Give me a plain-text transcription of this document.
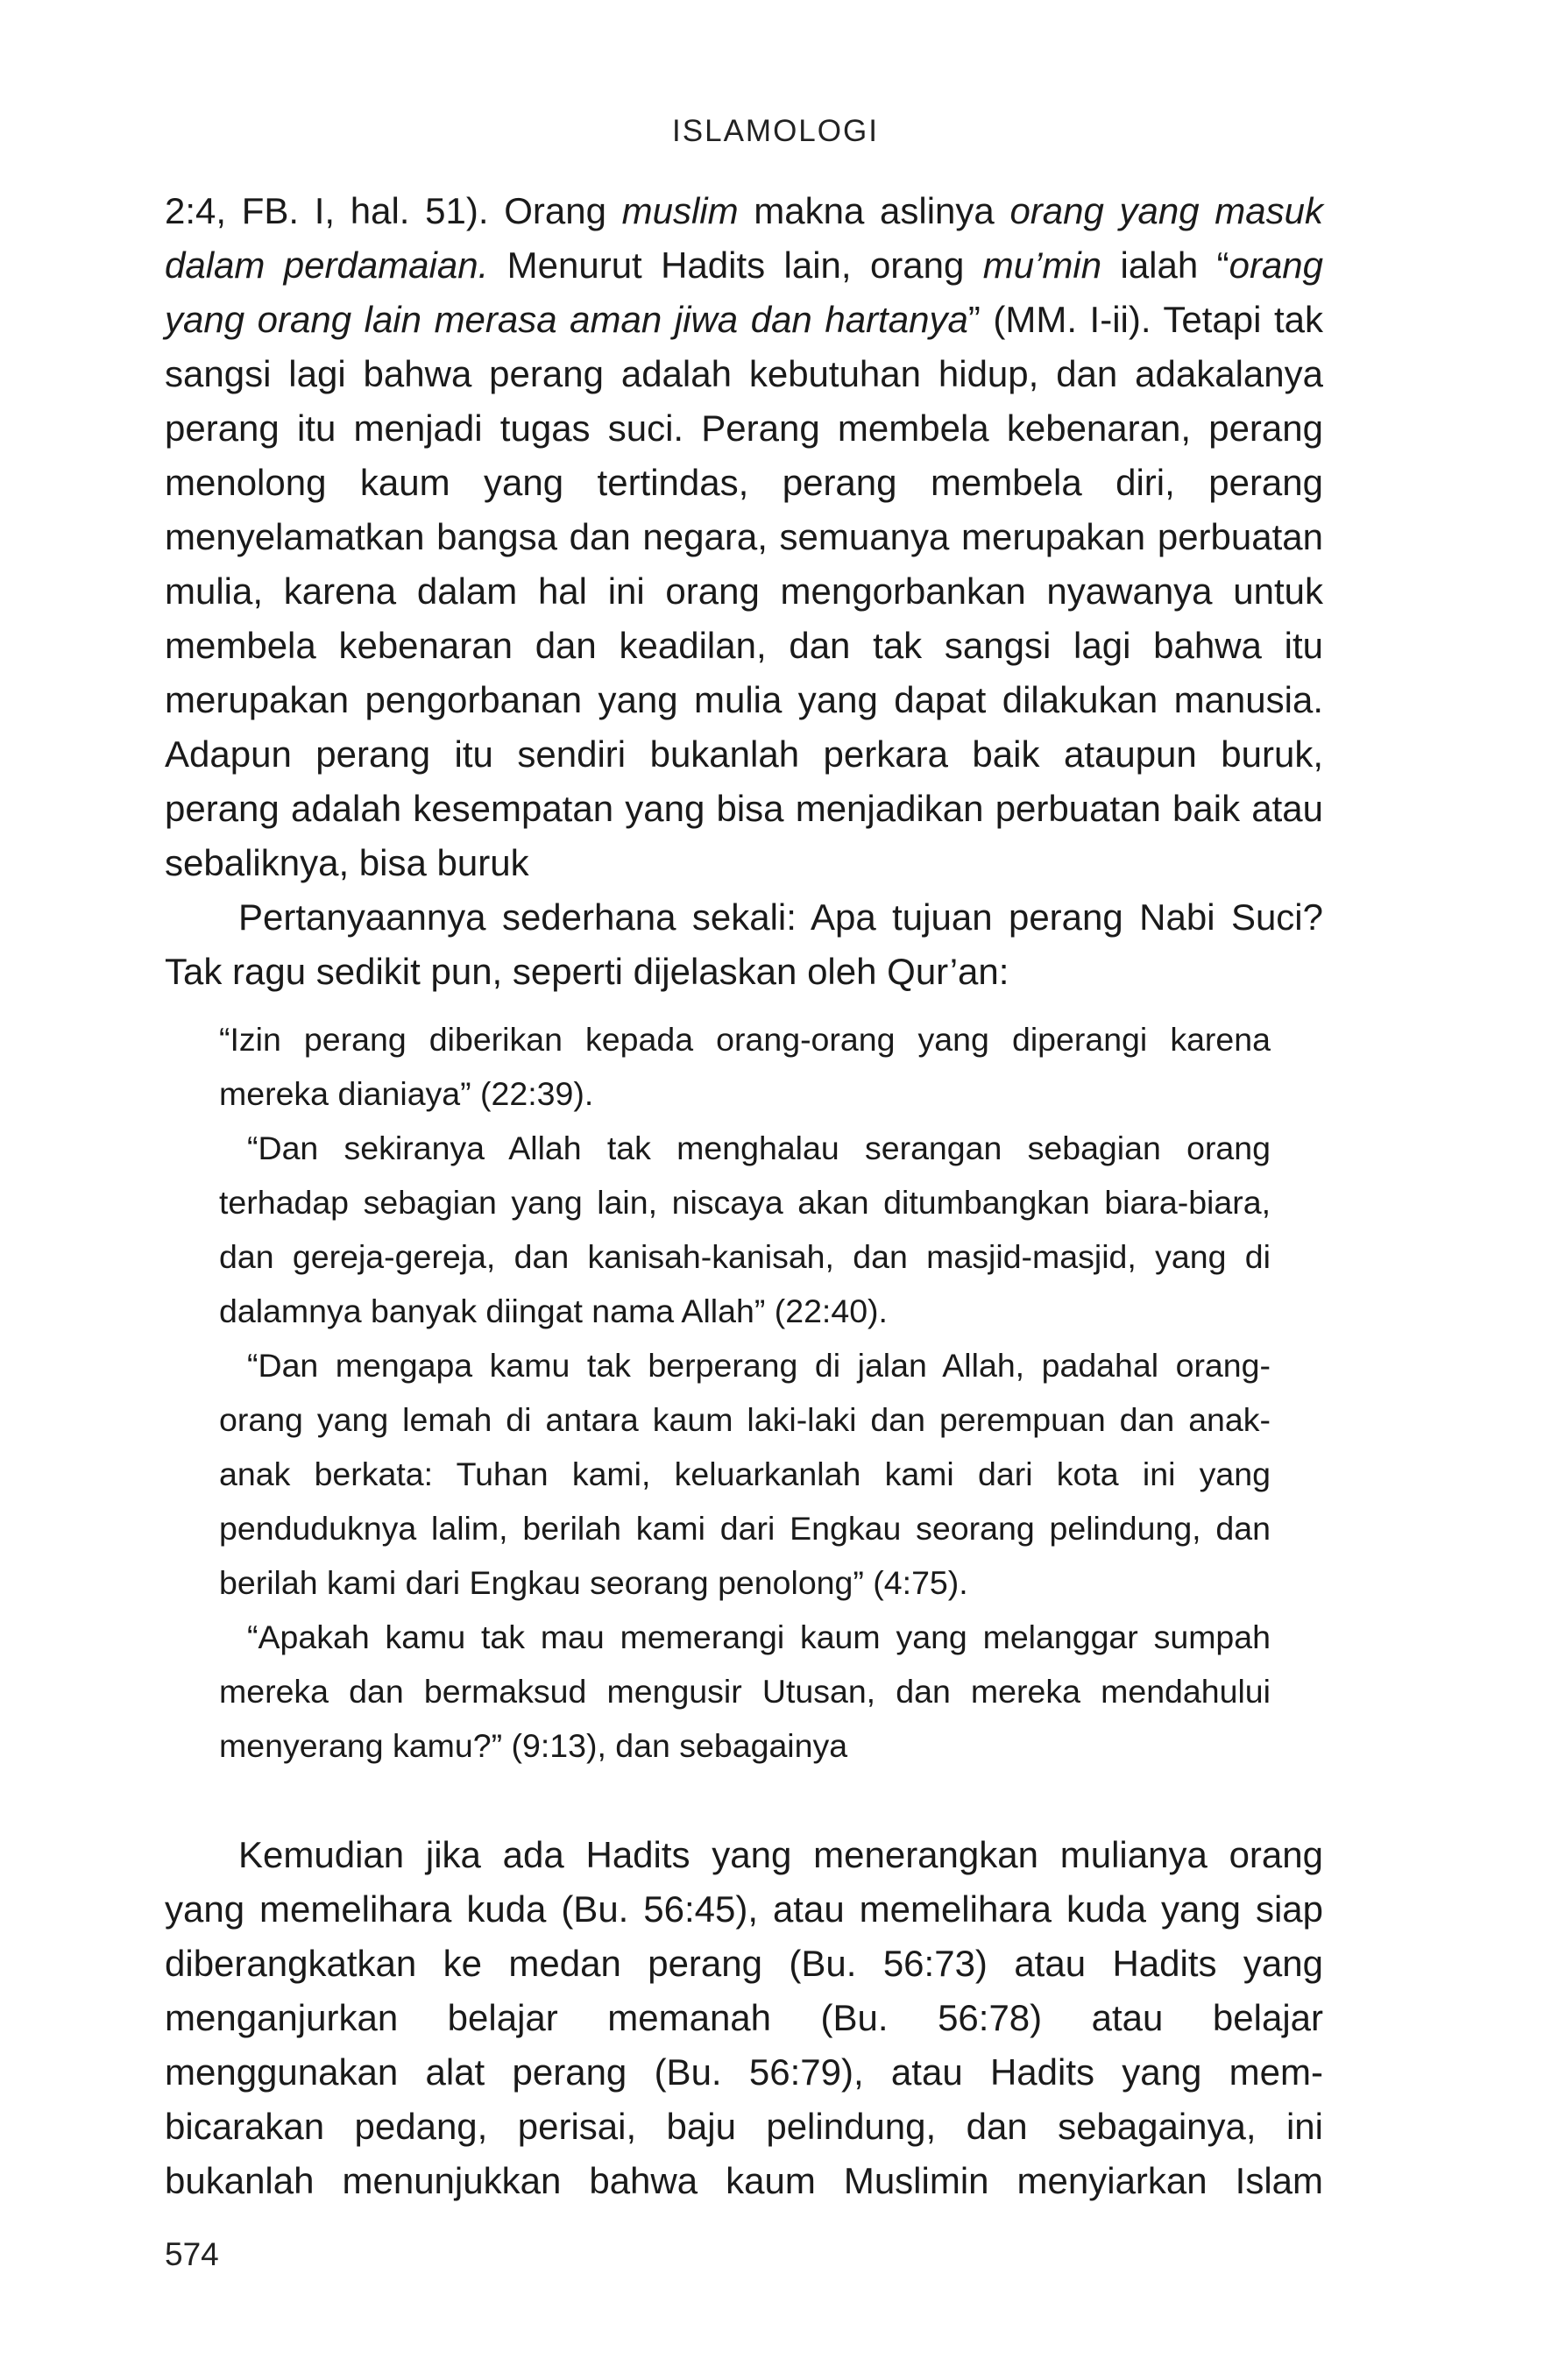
ISLAMOLOGI

2:4, FB. I, hal. 51). Orang muslim makna aslinya orang yang masuk dalam perdamaian. Menurut Hadits lain, orang mu’min ialah “orang yang orang lain merasa aman jiwa dan hartanya” (MM. I-ii). Tetapi tak sangsi lagi bahwa perang adalah kebutuhan hidup, dan adakalanya perang itu menjadi tugas suci. Perang membela kebenaran, perang menolong kaum yang tertindas, perang membela diri, perang menyelamatkan bangsa dan negara, semuanya merupakan perbuatan mulia, karena dalam hal ini orang mengorbankan nyawanya untuk membela kebenaran dan keadilan, dan tak sangsi lagi bahwa itu merupakan pengorbanan yang mulia yang dapat dilakukan manusia. Adapun perang itu sendiri bukanlah perkara baik ataupun buruk, perang adalah kesempatan yang bisa menjadikan perbuatan baik atau sebaliknya, bisa buruk

Pertanyaannya sederhana sekali: Apa tujuan perang Nabi Suci? Tak ragu sedikit pun, seperti dijelaskan oleh Qur’an:

“Izin perang diberikan kepada orang-orang yang diperangi karena mereka dianiaya” (22:39).

“Dan sekiranya Allah tak menghalau serangan sebagian orang terhadap sebagian yang lain, niscaya akan ditumbangkan biara-biara, dan gereja-gereja, dan kanisah-kanisah, dan masjid-masjid, yang di dalamnya banyak diingat nama Allah” (22:40).

“Dan mengapa kamu tak berperang di jalan Allah, padahal orang-orang yang lemah di antara kaum laki-laki dan perempuan dan anak-anak berkata: Tuhan kami, keluarkanlah kami dari kota ini yang penduduknya lalim, berilah kami dari Engkau seorang pelindung, dan berilah kami dari Engkau seorang penolong” (4:75).

“Apakah kamu tak mau memerangi kaum yang melanggar sumpah mereka dan bermaksud mengusir Utusan, dan mereka mendahului menyerang kamu?” (9:13), dan sebagainya

Kemudian jika ada Hadits yang menerangkan mulianya orang yang memelihara kuda (Bu. 56:45), atau memelihara kuda yang siap diberangkatkan ke medan perang (Bu. 56:73) atau Hadits yang menganjurkan belajar memanah (Bu. 56:78) atau belajar menggunakan alat perang (Bu. 56:79), atau Hadits yang membicarakan pedang, perisai, baju pelindung, dan sebagainya, ini bukanlah menunjukkan bahwa kaum Muslimin menyiarkan Islam

574
